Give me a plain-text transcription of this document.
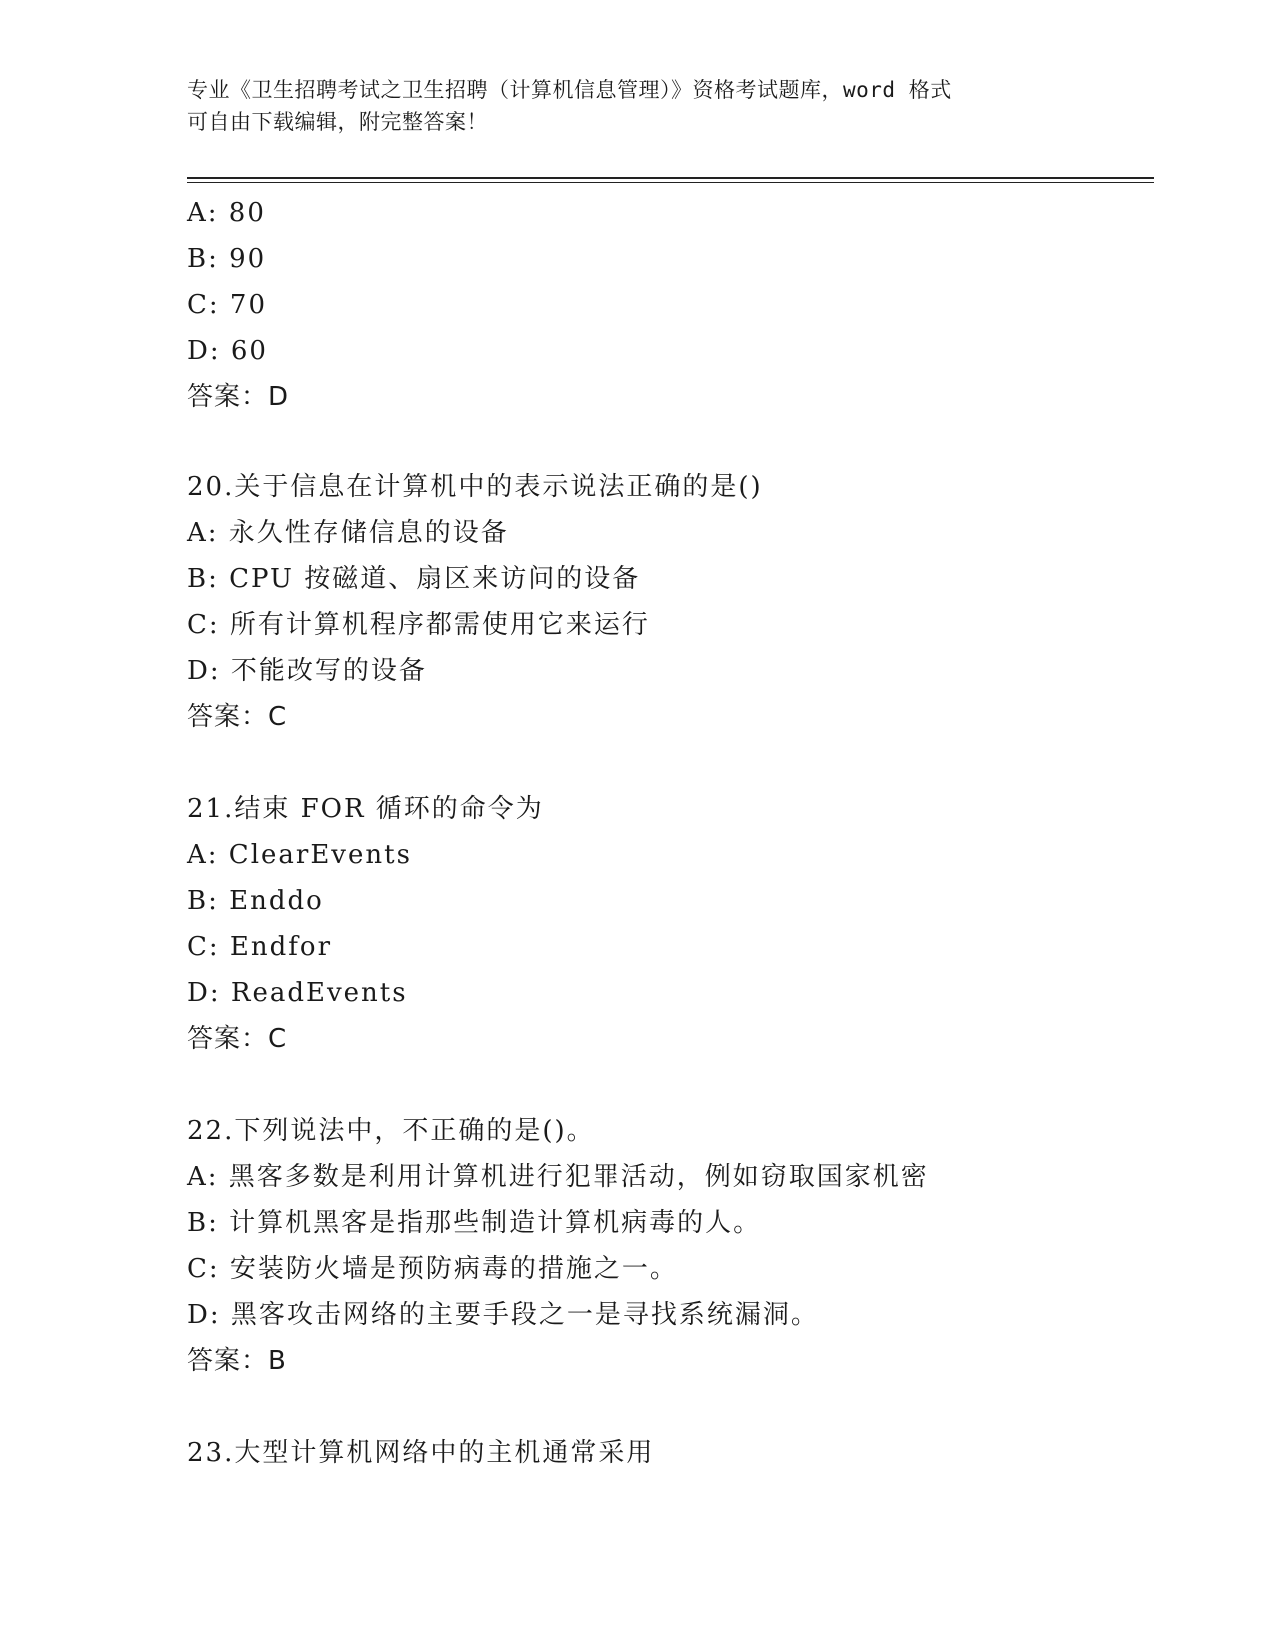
专业《卫生招聘考试之卫生招聘（计算机信息管理）》资格考试题库，word 格式
可自由下载编辑，附完整答案！
A: 80
B: 90
C: 70
D: 60
答案：D
20.关于信息在计算机中的表示说法正确的是()
A: 永久性存储信息的设备
B: CPU 按磁道、扇区来访问的设备
C: 所有计算机程序都需使用它来运行
D: 不能改写的设备
答案：C
21.结束 FOR 循环的命令为
A: ClearEvents
B: Enddo
C: Endfor
D: ReadEvents
答案：C
22.下列说法中，不正确的是()。
A: 黑客多数是利用计算机进行犯罪活动，例如窃取国家机密
B: 计算机黑客是指那些制造计算机病毒的人。
C: 安装防火墙是预防病毒的措施之一。
D: 黑客攻击网络的主要手段之一是寻找系统漏洞。
答案：B
23.大型计算机网络中的主机通常采用
